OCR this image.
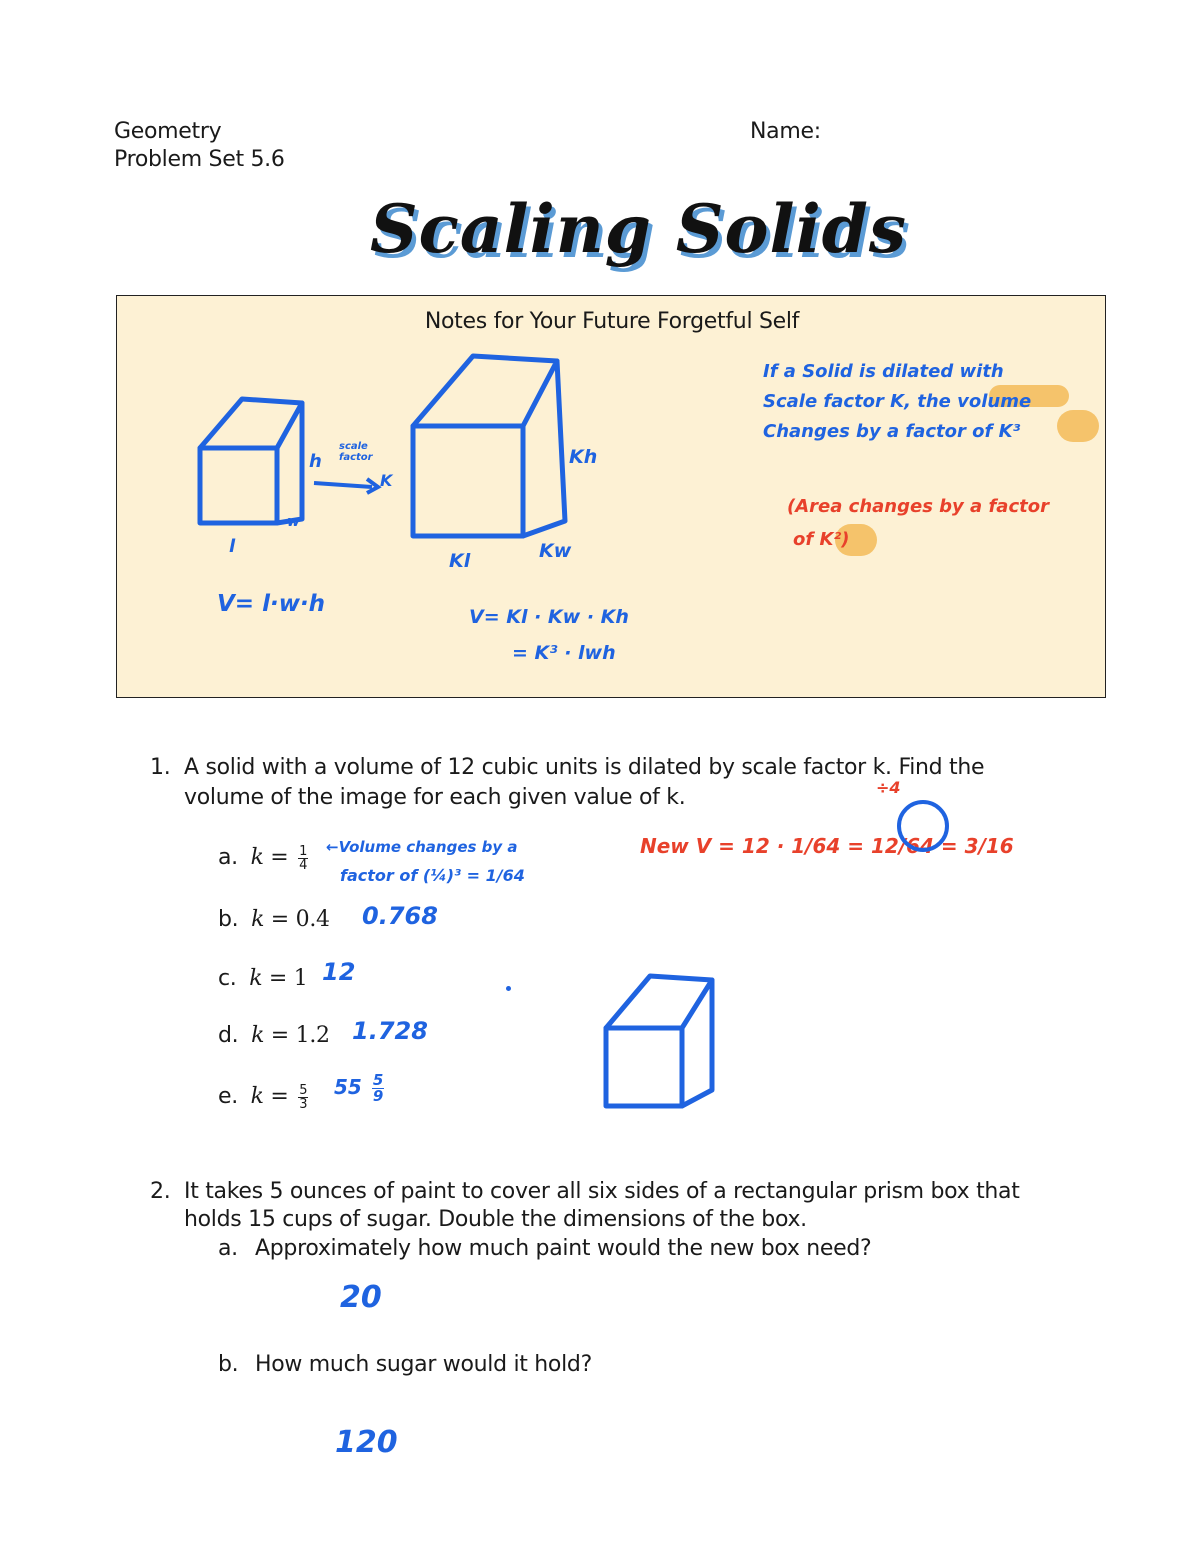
Geometry
Problem Set 5.6
Name:
Scaling Solids
Notes for Your Future Forgetful Self
h
scale factor
K
l
w
Kh
Kl	Kw
V= l·w·h	V= Kl · Kw · Kh
= K³ · lwh
If a Solid is dilated with
Scale factor K, the volume
Changes by a factor of K³
(Area changes by a factor
of K²)
1. A solid with a volume of 12 cubic units is dilated by scale factor k. Find the
volume of the image for each given value of k.
a. $k = \frac{1}{4}$
b. k = 0.4
c. k = 1
d. k = 1.2
e. $k = \frac{5}{3}$
←Volume changes by a
factor of (¼)³ = 1/64
New V = 12 · 1/64 = 12/64 = 3/16
÷4
0.768
12
1.728
$55 \frac{5}{9}$
2. It takes 5 ounces of paint to cover all six sides of a rectangular prism box that
holds 15 cups of sugar. Double the dimensions of the box.
a. Approximately how much paint would the new box need?
20
b. How much sugar would it hold?
120
